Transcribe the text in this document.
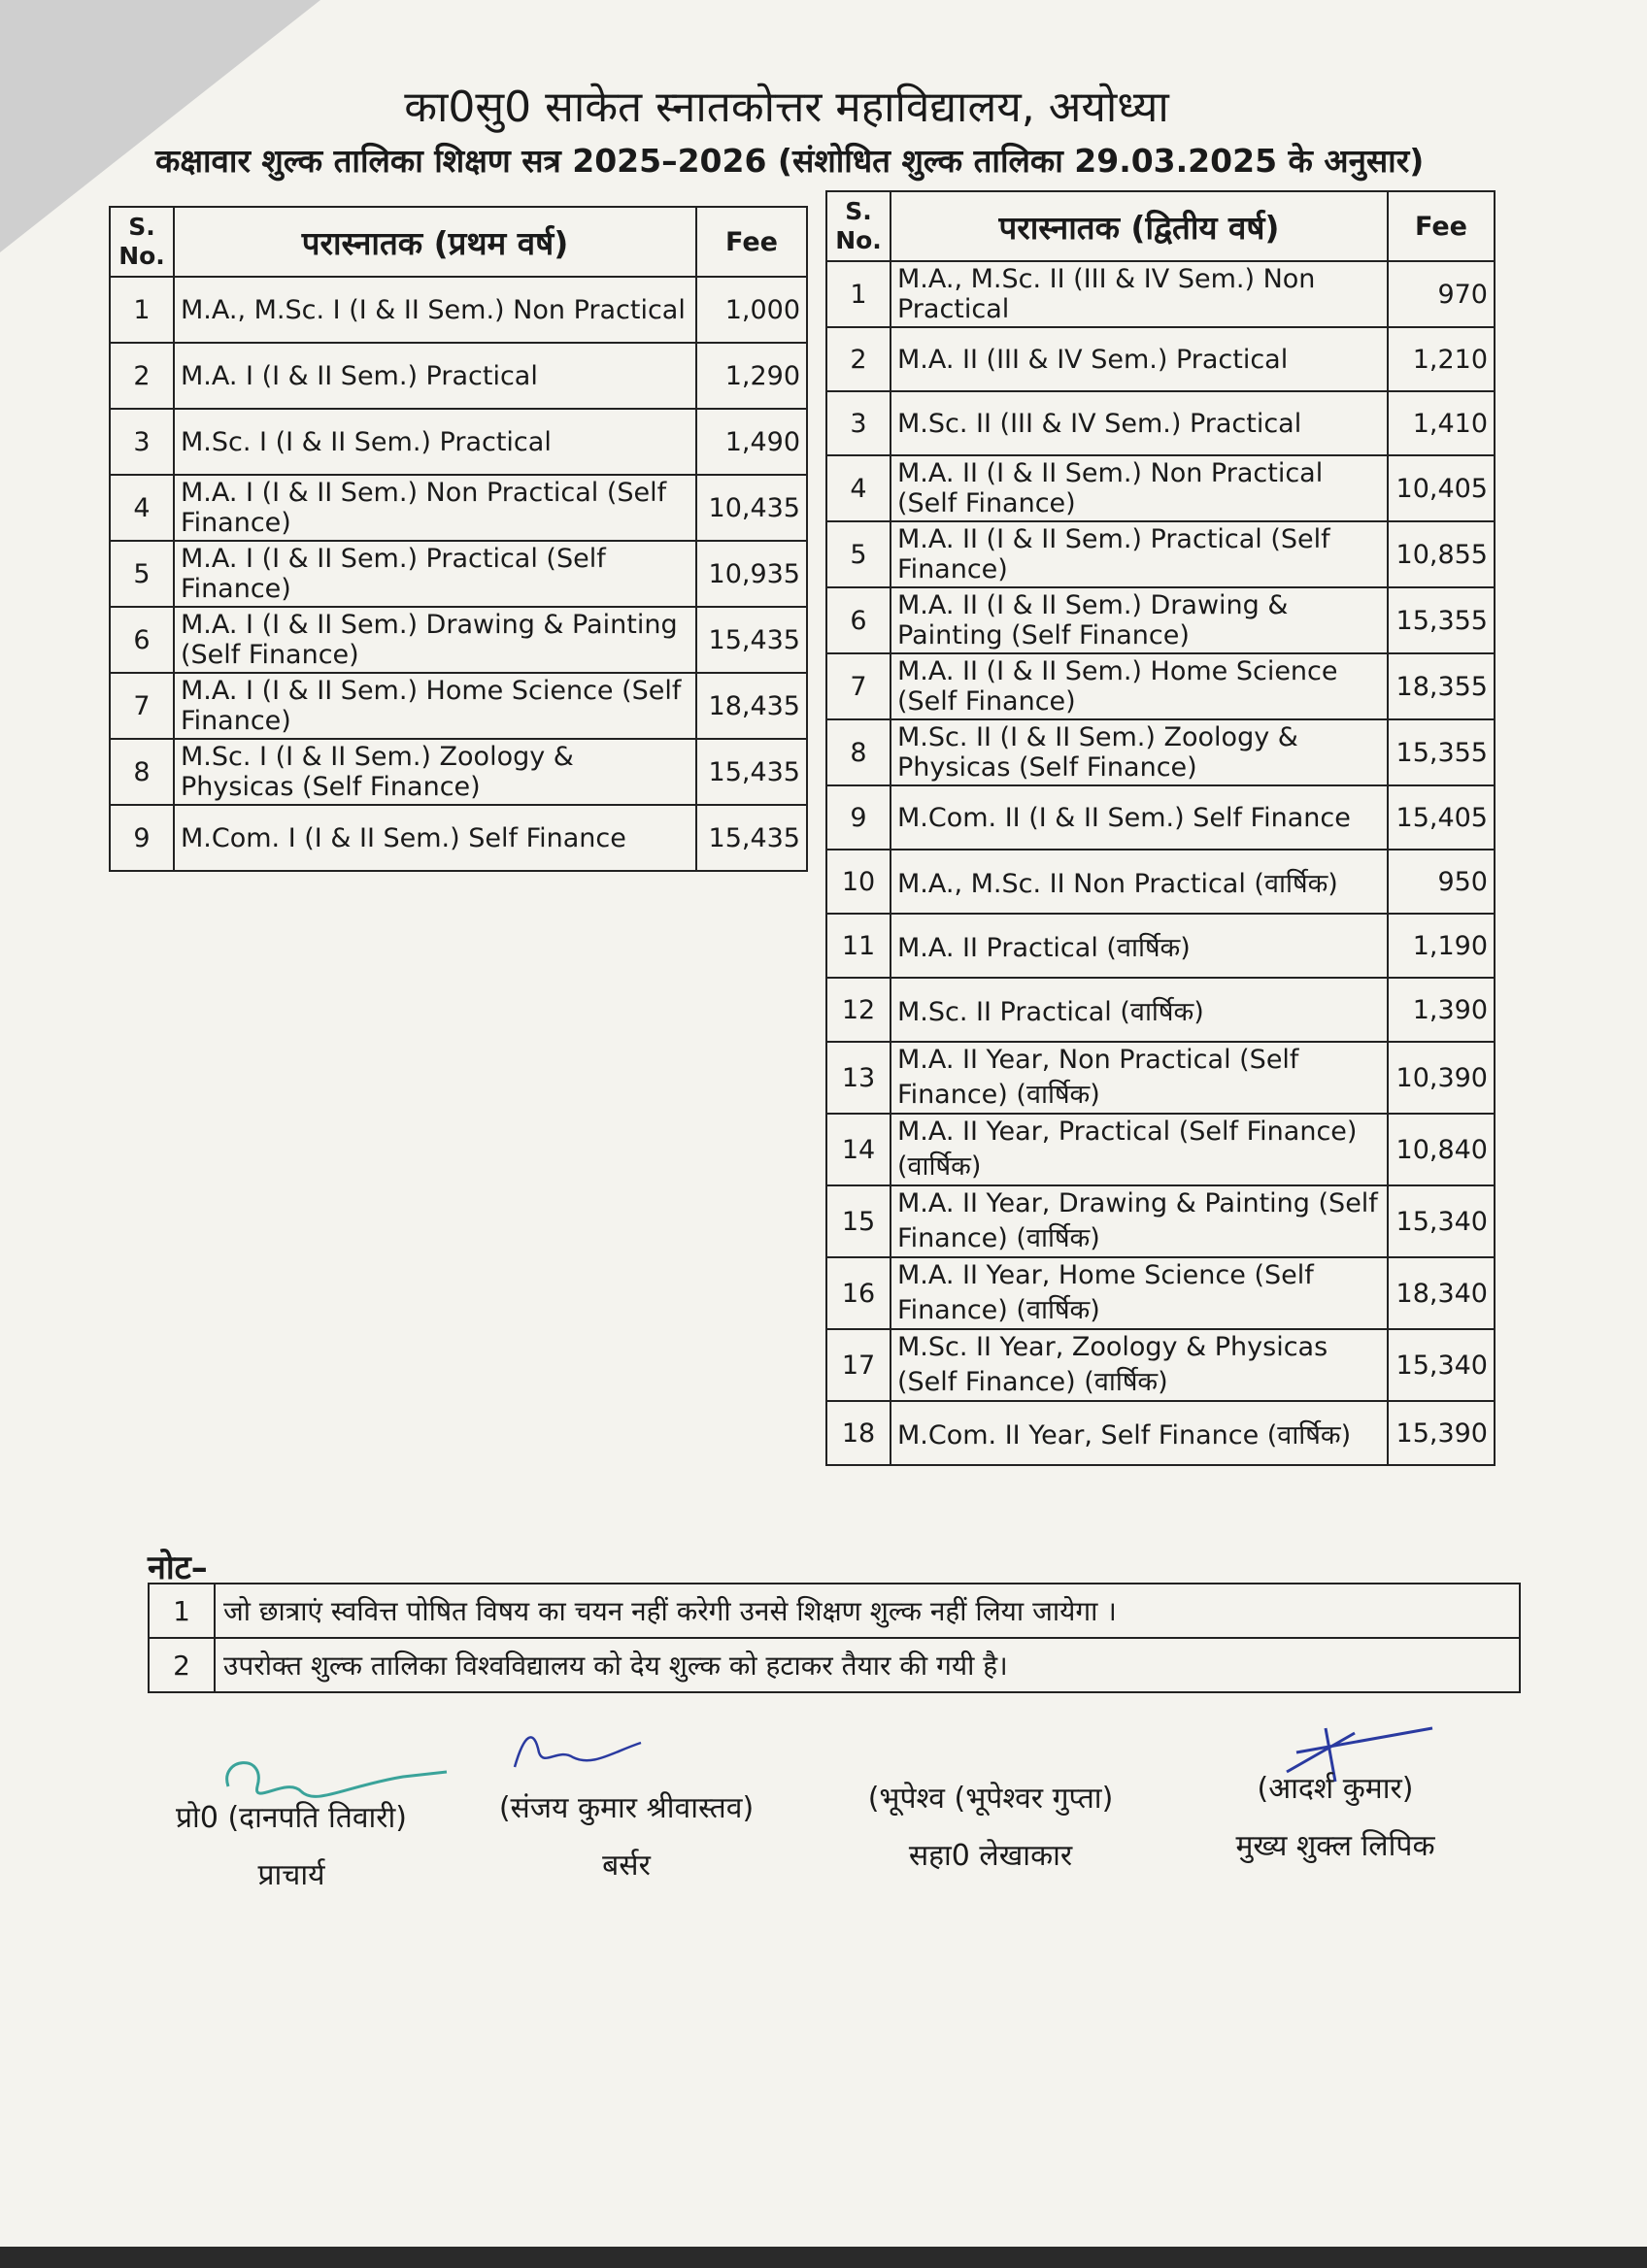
का0सु0 साकेत स्नातकोत्तर महाविद्यालय, अयोध्या
कक्षावार शुल्क तालिका शिक्षण सत्र 2025–2026 (संशोधित शुल्क तालिका 29.03.2025 के अनुसार)
S. No.	परास्नातक (प्रथम वर्ष)	Fee
1	M.A., M.Sc. I (I & II Sem.) Non Practical	1,000
2	M.A. I (I & II Sem.) Practical	1,290
3	M.Sc. I (I & II Sem.) Practical	1,490
4	M.A. I (I & II Sem.) Non Practical (Self Finance)	10,435
5	M.A. I (I & II Sem.) Practical (Self Finance)	10,935
6	M.A. I (I & II Sem.) Drawing & Painting (Self Finance)	15,435
7	M.A. I (I & II Sem.) Home Science (Self Finance)	18,435
8	M.Sc. I (I & II Sem.) Zoology & Physicas (Self Finance)	15,435
9	M.Com. I (I & II Sem.) Self Finance	15,435
S. No.	परास्नातक (द्वितीय वर्ष)	Fee
1	M.A., M.Sc. II (III & IV Sem.) Non Practical	970
2	M.A. II (III & IV Sem.) Practical	1,210
3	M.Sc. II (III & IV Sem.) Practical	1,410
4	M.A. II (I & II Sem.) Non Practical (Self Finance)	10,405
5	M.A. II (I & II Sem.) Practical (Self Finance)	10,855
6	M.A. II (I & II Sem.) Drawing & Painting (Self Finance)	15,355
7	M.A. II (I & II Sem.) Home Science (Self Finance)	18,355
8	M.Sc. II (I & II Sem.) Zoology & Physicas (Self Finance)	15,355
9	M.Com. II (I & II Sem.) Self Finance	15,405
10	M.A., M.Sc. II Non Practical (वार्षिक)	950
11	M.A. II Practical (वार्षिक)	1,190
12	M.Sc. II Practical (वार्षिक)	1,390
13	M.A. II Year, Non Practical (Self Finance) (वार्षिक)	10,390
14	M.A. II Year, Practical (Self Finance) (वार्षिक)	10,840
15	M.A. II Year, Drawing & Painting (Self Finance) (वार्षिक)	15,340
16	M.A. II Year, Home Science (Self Finance) (वार्षिक)	18,340
17	M.Sc. II Year, Zoology & Physicas (Self Finance) (वार्षिक)	15,340
18	M.Com. II Year, Self Finance (वार्षिक)	15,390
नोट–
1	जो छात्राएं स्ववित्त पोषित विषय का चयन नहीं करेगी उनसे शिक्षण शुल्क नहीं लिया जायेगा ।
2	उपरोक्त शुल्क तालिका विश्वविद्यालय को देय शुल्क को हटाकर तैयार की गयी है।
प्रो0 (दानपति तिवारी)
प्राचार्य
(संजय कुमार श्रीवास्तव)
बर्सर
(भूपेश्व (भूपेश्वर गुप्ता)
सहा0 लेखाकार
(आदर्श कुमार)
मुख्य शुक्ल लिपिक
